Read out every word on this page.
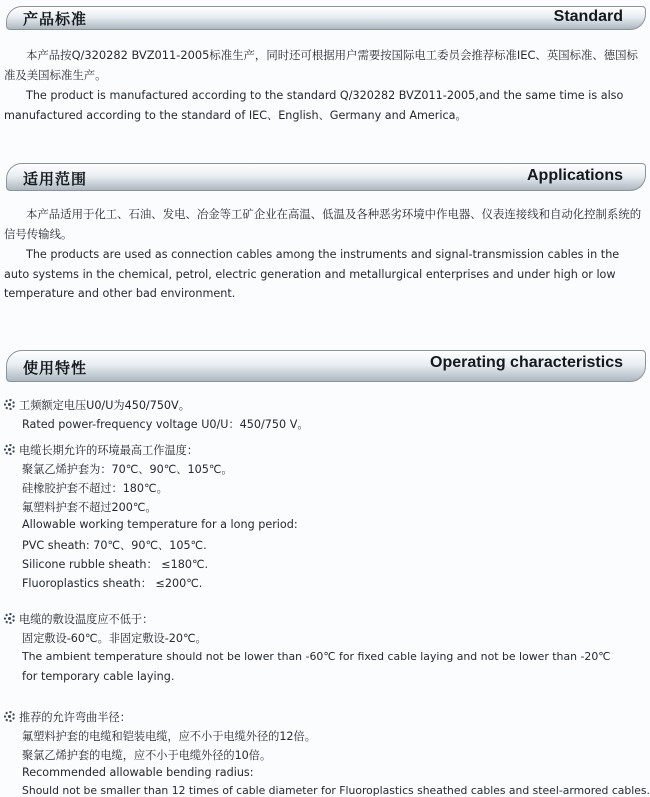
产品标准	Standard
本产品按Q/320282 BVZ011-2005标准生产，同时还可根据用户需要按国际电工委员会推荐标准IEC、英国标准、德国标准及美国标准生产。
The product is manufactured according to the standard Q/320282 BVZ011-2005,and the same time is also manufactured according to the standard of IEC、English、Germany and America。
适用范围	Applications
本产品适用于化工、石油、发电、冶金等工矿企业在高温、低温及各种恶劣环境中作电器、仪表连接线和自动化控制系统的信号传输线。
The products are used as connection cables among the instruments and signal-transmission cables in the auto systems in the chemical, petrol, electric generation and metallurgical enterprises and under high or low temperature and other bad environment.
使用特性	Operating characteristics
工频额定电压U0/U为450/750V。
Rated power-frequency voltage U0/U：450/750 V。
电缆长期允许的环境最高工作温度：
聚氯乙烯护套为：70℃、90℃、105℃。
硅橡胶护套不超过：180℃。
氟塑料护套不超过200℃。
Allowable working temperature for a long period:
PVC sheath: 70℃、90℃、105℃.
Silicone rubble sheath： ≤180℃.
Fluoroplastics sheath： ≤200℃.
电缆的敷设温度应不低于：
固定敷设-60℃。非固定敷设-20℃。
The ambient temperature should not be lower than -60℃ for fixed cable laying and not be lower than -20℃
for temporary cable laying.
推荐的允许弯曲半径：
氟塑料护套的电缆和铠装电缆，应不小于电缆外径的12倍。
聚氯乙烯护套的电缆，应不小于电缆外径的10倍。
Recommended allowable bending radius:
Should not be smaller than 12 times of cable diameter for Fluoroplastics sheathed cables and steel-armored cables.
